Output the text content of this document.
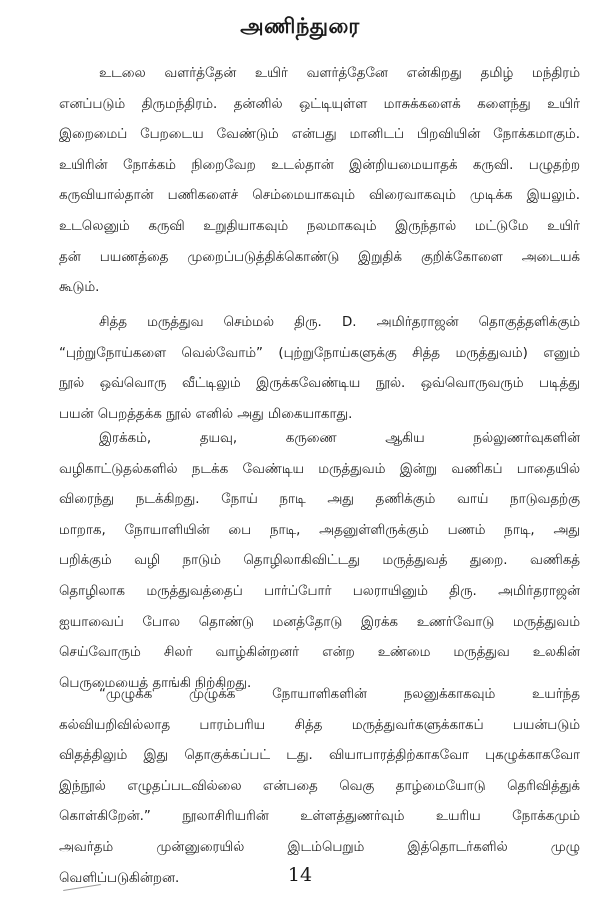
அணிந்துரை
உடலை வளர்த்தேன் உயிர் வளர்த்தேனே என்கிறது தமிழ் மந்திரம்
எனப்படும் திருமந்திரம். தன்னில் ஒட்டியுள்ள மாசுக்களைக் களைந்து உயிர்
இறைமைப் பேறடைய வேண்டும் என்பது மானிடப் பிறவியின் நோக்கமாகும்.
உயிரின் நோக்கம் நிறைவேற உடல்தான் இன்றியமையாதக் கருவி. பழுதற்ற
கருவியால்தான் பணிகளைச் செம்மையாகவும் விரைவாகவும் முடிக்க இயலும்.
உடலெனும் கருவி உறுதியாகவும் நலமாகவும் இருந்தால் மட்டுமே உயிர்
தன் பயணத்தை முறைப்படுத்திக்கொண்டு இறுதிக் குறிக்கோளை அடையக்
கூடும்.
சித்த மருத்துவ செம்மல் திரு. D. அமிர்தராஜன் தொகுத்தளிக்கும்
“புற்றுநோய்களை வெல்வோம்” (புற்றுநோய்களுக்கு சித்த மருத்துவம்) எனும்
நூல் ஒவ்வொரு வீட்டிலும் இருக்கவேண்டிய நூல். ஒவ்வொருவரும் படித்து
பயன் பெறத்தக்க நூல் எனில் அது மிகையாகாது.
இரக்கம், தயவு, கருணை ஆகிய நல்லுணர்வுகளின்
வழிகாட்டுதல்களில் நடக்க வேண்டிய மருத்துவம் இன்று வணிகப் பாதையில்
விரைந்து நடக்கிறது. நோய் நாடி அது தணிக்கும் வாய் நாடுவதற்கு
மாறாக, நோயாளியின் பை நாடி, அதனுள்ளிருக்கும் பணம் நாடி, அது
பறிக்கும் வழி நாடும் தொழிலாகிவிட்டது மருத்துவத் துறை. வணிகத்
தொழிலாக மருத்துவத்தைப் பார்ப்போர் பலராயினும் திரு. அமிர்தராஜன்
ஐயாவைப் போல தொண்டு மனத்தோடு இரக்க உணர்வோடு மருத்துவம்
செய்வோரும் சிலர் வாழ்கின்றனர் என்ற உண்மை மருத்துவ உலகின்
பெருமையைத் தாங்கி நிற்கிறது.
“முழுக்க முழுக்க நோயாளிகளின் நலனுக்காகவும் உயர்ந்த
கல்வியறிவில்லாத பாரம்பரிய சித்த மருத்துவர்களுக்காகப் பயன்படும்
விதத்திலும் இது தொகுக்கப்பட் டது. வியாபாரத்திற்காகவோ புகழுக்காகவோ
இந்நூல் எழுதப்படவில்லை என்பதை வெகு தாழ்மையோடு தெரிவித்துக்
கொள்கிறேன்.” நூலாசிரியரின் உள்ளத்துணர்வும் உயரிய நோக்கமும்
அவர்தம் முன்னுரையில் இடம்பெறும் இத்தொடர்களில் முழு
வெளிப்படுகின்றன.	14
